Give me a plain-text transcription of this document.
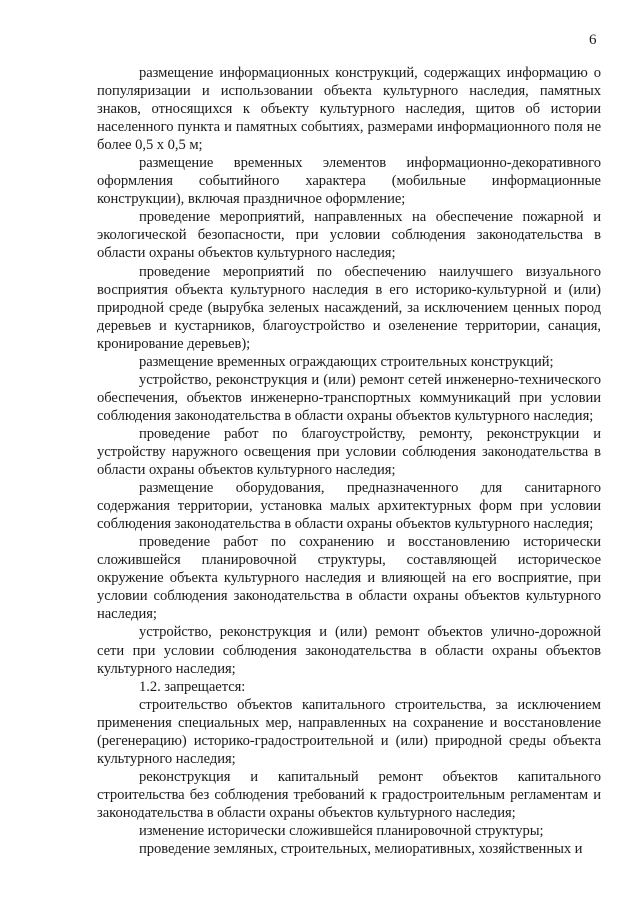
6

размещение информационных конструкций, содержащих информацию о популяризации и использовании объекта культурного наследия, памятных знаков, относящихся к объекту культурного наследия, щитов об истории населенного пункта и памятных событиях, размерами информационного поля не более 0,5 х 0,5 м;

размещение временных элементов информационно-декоративного оформления событийного характера (мобильные информационные конструкции), включая праздничное оформление;

проведение мероприятий, направленных на обеспечение пожарной и экологической безопасности, при условии соблюдения законодательства в области охраны объектов культурного наследия;

проведение мероприятий по обеспечению наилучшего визуального восприятия объекта культурного наследия в его историко-культурной и (или) природной среде (вырубка зеленых насаждений, за исключением ценных пород деревьев и кустарников, благоустройство и озеленение территории, санация, кронирование деревьев);

размещение временных ограждающих строительных конструкций;

устройство, реконструкция и (или) ремонт сетей инженерно-технического обеспечения, объектов инженерно-транспортных коммуникаций при условии соблюдения законодательства в области охраны объектов культурного наследия;

проведение работ по благоустройству, ремонту, реконструкции и устройству наружного освещения при условии соблюдения законодательства в области охраны объектов культурного наследия;

размещение оборудования, предназначенного для санитарного содержания территории, установка малых архитектурных форм при условии соблюдения законодательства в области охраны объектов культурного наследия;

проведение работ по сохранению и восстановлению исторически сложившейся планировочной структуры, составляющей историческое окружение объекта культурного наследия и влияющей на его восприятие, при условии соблюдения законодательства в области охраны объектов культурного наследия;

устройство, реконструкция и (или) ремонт объектов улично-дорожной сети при условии соблюдения законодательства в области охраны объектов культурного наследия;

1.2. запрещается:

строительство объектов капитального строительства, за исключением применения специальных мер, направленных на сохранение и восстановление (регенерацию) историко-градостроительной и (или) природной среды объекта культурного наследия;

реконструкция и капитальный ремонт объектов капитального строительства без соблюдения требований к градостроительным регламентам и законодательства в области охраны объектов культурного наследия;

изменение исторически сложившейся планировочной структуры;

проведение земляных, строительных, мелиоративных, хозяйственных и
